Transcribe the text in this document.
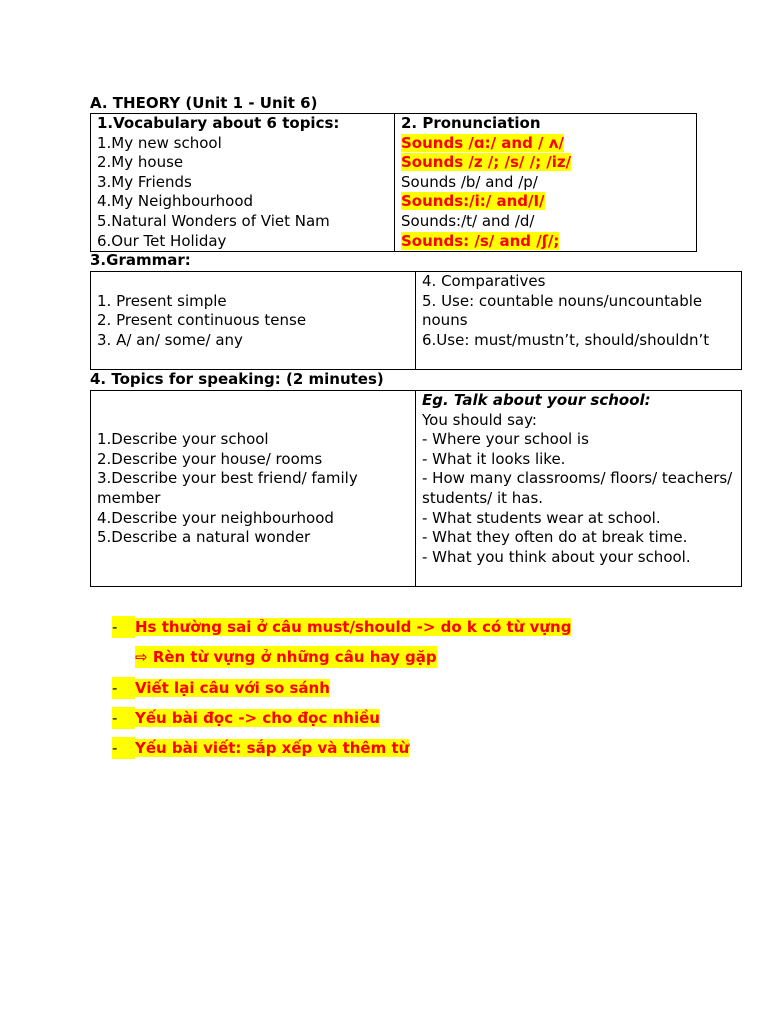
A. THEORY (Unit 1 - Unit 6)
1.Vocabulary about 6 topics:
1.My new school
2.My house
3.My Friends
4.My Neighbourhood
5.Natural Wonders of Viet Nam
6.Our Tet Holiday

2. Pronunciation
Sounds /ɑ:/ and / ʌ/
Sounds /z /; /s/ /; /iz/
Sounds /b/ and /p/
Sounds:/i:/ and/I/
Sounds:/t/ and /d/
Sounds: /s/ and /ʃ/;
3.Grammar:

1. Present simple
2. Present continuous tense
3. A/ an/ some/ any

4. Comparatives
5. Use: countable nouns/uncountable nouns
6.Use: must/mustn’t, should/shouldn’t
4. Topics for speaking: (2 minutes)

1.Describe your school
2.Describe your house/ rooms
3.Describe your best friend/ family member
4.Describe your neighbourhood
5.Describe a natural wonder

Eg. Talk about your school:
You should say:
- Where your school is
- What it looks like.
- How many classrooms/ floors/ teachers/ students/ it has.
- What students wear at school.
- What they often do at break time.
- What you think about your school.
- Hs thường sai ở câu must/should -> do k có từ vựng
⇨ Rèn từ vựng ở những câu hay gặp
- Viết lại câu với so sánh
- Yếu bài đọc -> cho đọc nhiều
- Yếu bài viết: sắp xếp và thêm từ
